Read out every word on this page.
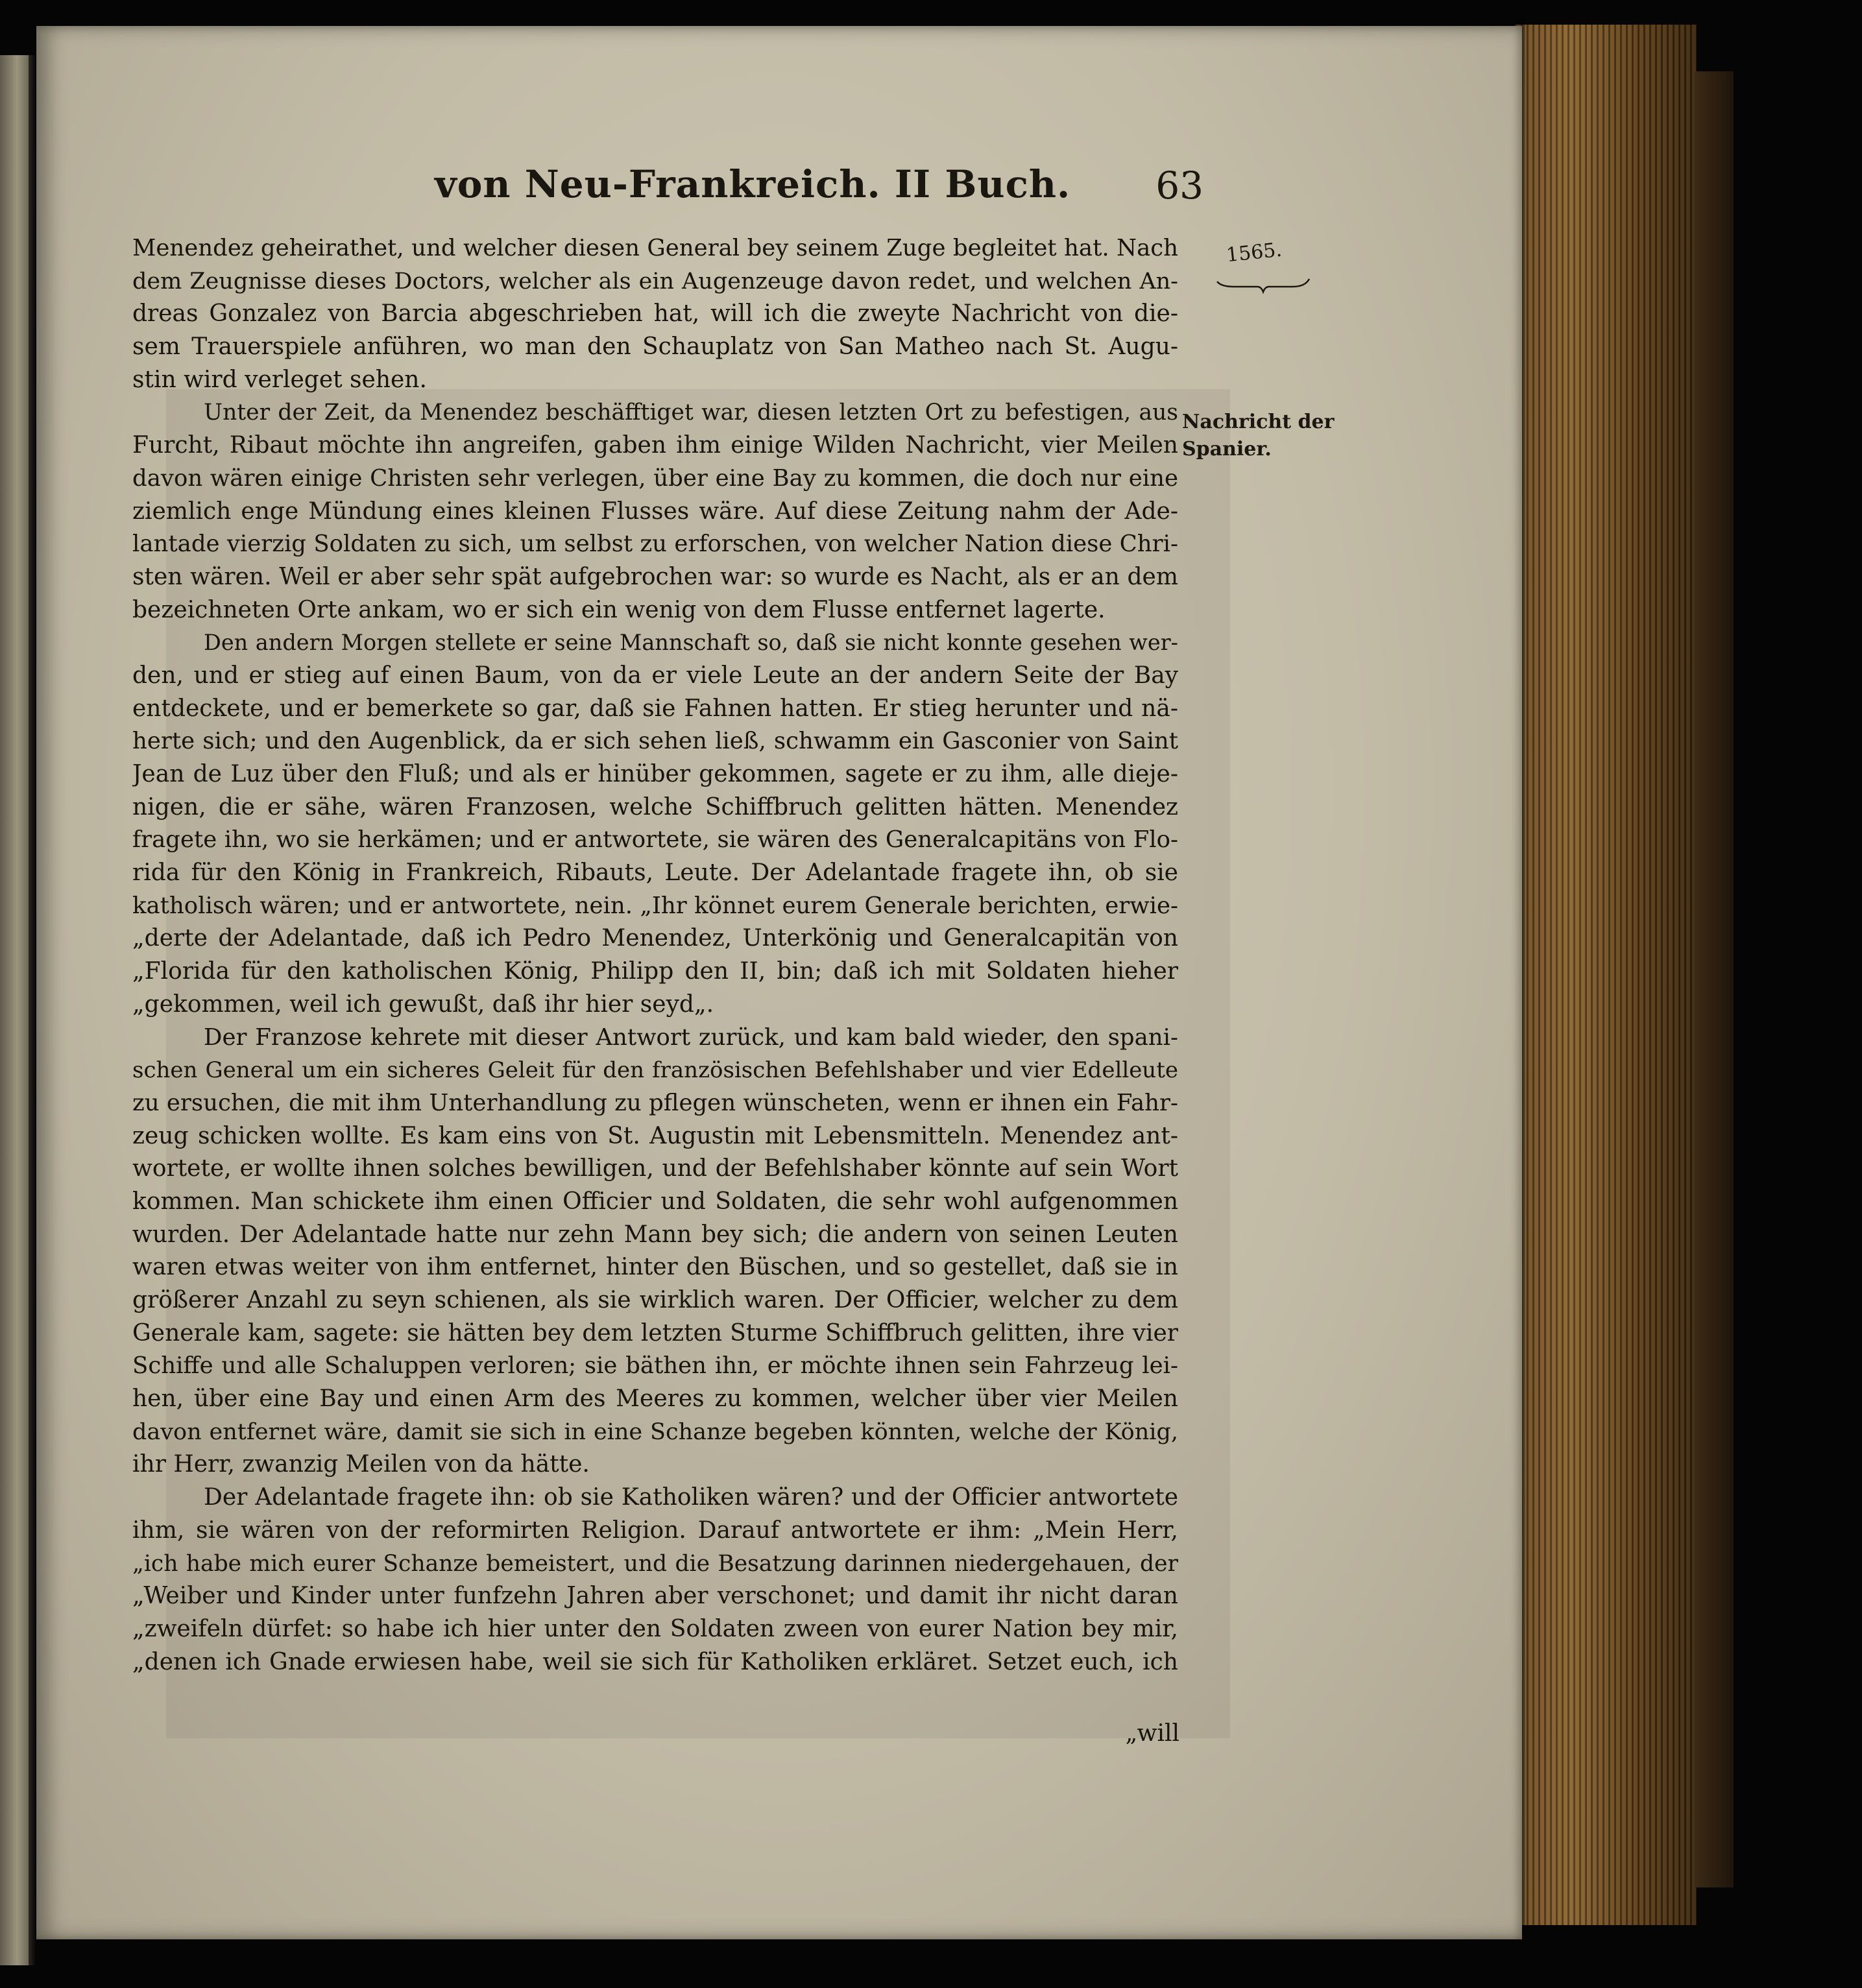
von Neu-Frankreich. II Buch. 63
1565.
Nachricht der
Spanier.
Menendez geheirathet, und welcher diesen General bey seinem Zuge begleitet hat. Nach
dem Zeugnisse dieses Doctors, welcher als ein Augenzeuge davon redet, und welchen An-
dreas Gonzalez von Barcia abgeschrieben hat, will ich die zweyte Nachricht von die-
sem Trauerspiele anführen, wo man den Schauplatz von San Matheo nach St. Augu-
stin wird verleget sehen.
Unter der Zeit, da Menendez beschäfftiget war, diesen letzten Ort zu befestigen, aus
Furcht, Ribaut möchte ihn angreifen, gaben ihm einige Wilden Nachricht, vier Meilen
davon wären einige Christen sehr verlegen, über eine Bay zu kommen, die doch nur eine
ziemlich enge Mündung eines kleinen Flusses wäre. Auf diese Zeitung nahm der Ade-
lantade vierzig Soldaten zu sich, um selbst zu erforschen, von welcher Nation diese Chri-
sten wären. Weil er aber sehr spät aufgebrochen war: so wurde es Nacht, als er an dem
bezeichneten Orte ankam, wo er sich ein wenig von dem Flusse entfernet lagerte.
Den andern Morgen stellete er seine Mannschaft so, daß sie nicht konnte gesehen wer-
den, und er stieg auf einen Baum, von da er viele Leute an der andern Seite der Bay
entdeckete, und er bemerkete so gar, daß sie Fahnen hatten. Er stieg herunter und nä-
herte sich; und den Augenblick, da er sich sehen ließ, schwamm ein Gasconier von Saint
Jean de Luz über den Fluß; und als er hinüber gekommen, sagete er zu ihm, alle dieje-
nigen, die er sähe, wären Franzosen, welche Schiffbruch gelitten hätten. Menendez
fragete ihn, wo sie herkämen; und er antwortete, sie wären des Generalcapitäns von Flo-
rida für den König in Frankreich, Ribauts, Leute. Der Adelantade fragete ihn, ob sie
katholisch wären; und er antwortete, nein. „Ihr könnet eurem Generale berichten, erwie-
„derte der Adelantade, daß ich Pedro Menendez, Unterkönig und Generalcapitän von
„Florida für den katholischen König, Philipp den II, bin; daß ich mit Soldaten hieher
„gekommen, weil ich gewußt, daß ihr hier seyd„.
Der Franzose kehrete mit dieser Antwort zurück, und kam bald wieder, den spani-
schen General um ein sicheres Geleit für den französischen Befehlshaber und vier Edelleute
zu ersuchen, die mit ihm Unterhandlung zu pflegen wünscheten, wenn er ihnen ein Fahr-
zeug schicken wollte. Es kam eins von St. Augustin mit Lebensmitteln. Menendez ant-
wortete, er wollte ihnen solches bewilligen, und der Befehlshaber könnte auf sein Wort
kommen. Man schickete ihm einen Officier und Soldaten, die sehr wohl aufgenommen
wurden. Der Adelantade hatte nur zehn Mann bey sich; die andern von seinen Leuten
waren etwas weiter von ihm entfernet, hinter den Büschen, und so gestellet, daß sie in
größerer Anzahl zu seyn schienen, als sie wirklich waren. Der Officier, welcher zu dem
Generale kam, sagete: sie hätten bey dem letzten Sturme Schiffbruch gelitten, ihre vier
Schiffe und alle Schaluppen verloren; sie bäthen ihn, er möchte ihnen sein Fahrzeug lei-
hen, über eine Bay und einen Arm des Meeres zu kommen, welcher über vier Meilen
davon entfernet wäre, damit sie sich in eine Schanze begeben könnten, welche der König,
ihr Herr, zwanzig Meilen von da hätte.
Der Adelantade fragete ihn: ob sie Katholiken wären? und der Officier antwortete
ihm, sie wären von der reformirten Religion. Darauf antwortete er ihm: „Mein Herr,
„ich habe mich eurer Schanze bemeistert, und die Besatzung darinnen niedergehauen, der
„Weiber und Kinder unter funfzehn Jahren aber verschonet; und damit ihr nicht daran
„zweifeln dürfet: so habe ich hier unter den Soldaten zween von eurer Nation bey mir,
„denen ich Gnade erwiesen habe, weil sie sich für Katholiken erkläret. Setzet euch, ich
„will
